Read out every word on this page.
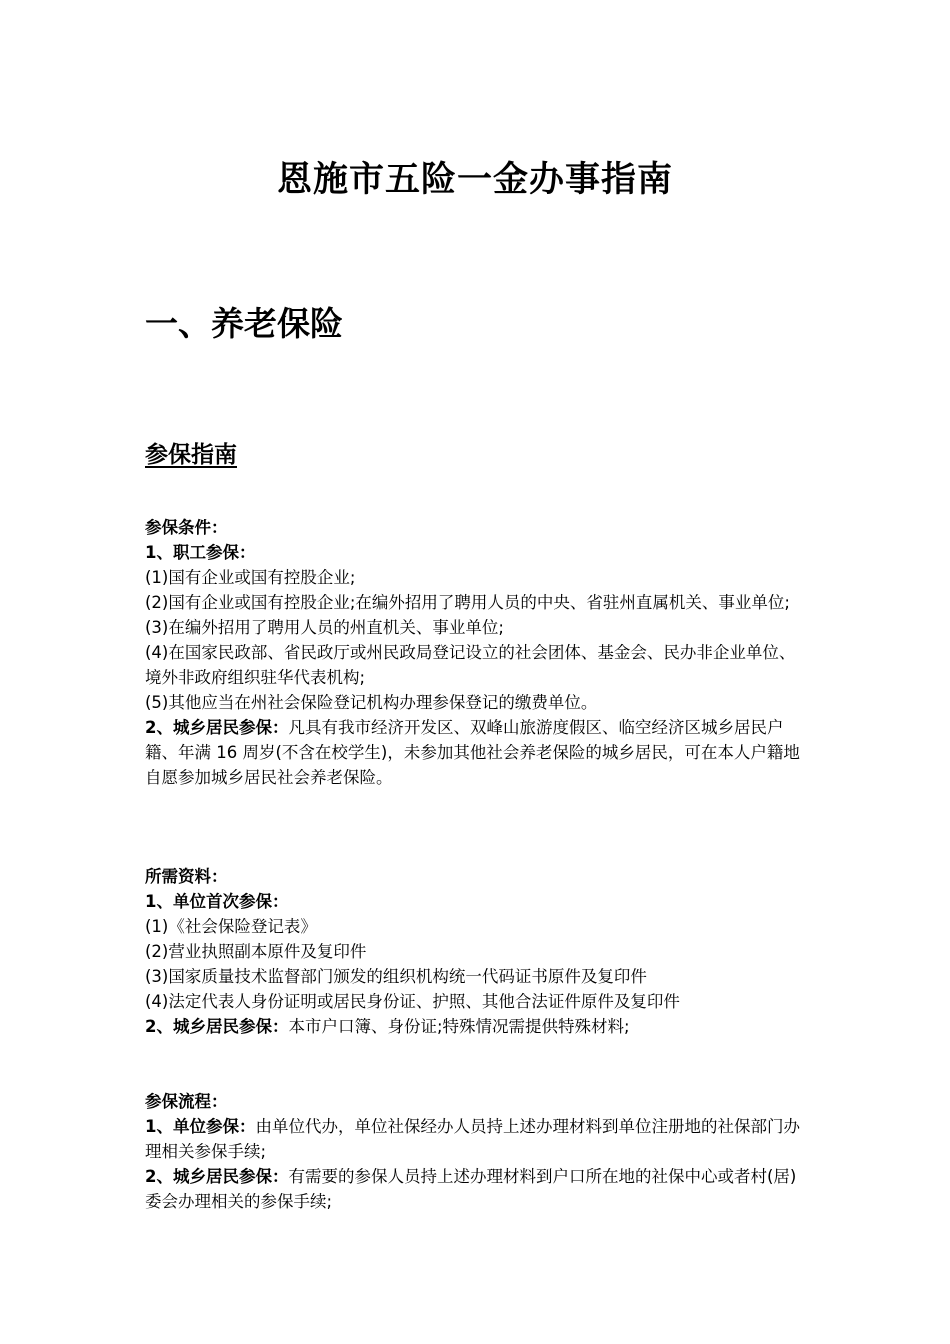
恩施市五险一金办事指南
一、养老保险
参保指南

参保条件：

1、职工参保：

(1)国有企业或国有控股企业;

(2)国有企业或国有控股企业;在编外招用了聘用人员的中央、省驻州直属机关、事业单位;

(3)在编外招用了聘用人员的州直机关、事业单位;

(4)在国家民政部、省民政厅或州民政局登记设立的社会团体、基金会、民办非企业单位、境外非政府组织驻华代表机构;

(5)其他应当在州社会保险登记机构办理参保登记的缴费单位。

2、城乡居民参保：凡具有我市经济开发区、双峰山旅游度假区、临空经济区城乡居民户籍、年满 16 周岁(不含在校学生)，未参加其他社会养老保险的城乡居民，可在本人户籍地自愿参加城乡居民社会养老保险。

所需资料：

1、单位首次参保：

(1)《社会保险登记表》

(2)营业执照副本原件及复印件

(3)国家质量技术监督部门颁发的组织机构统一代码证书原件及复印件

(4)法定代表人身份证明或居民身份证、护照、其他合法证件原件及复印件

2、城乡居民参保：本市户口簿、身份证;特殊情况需提供特殊材料;

参保流程：

1、单位参保：由单位代办，单位社保经办人员持上述办理材料到单位注册地的社保部门办理相关参保手续;

2、城乡居民参保：有需要的参保人员持上述办理材料到户口所在地的社保中心或者村(居)委会办理相关的参保手续;
